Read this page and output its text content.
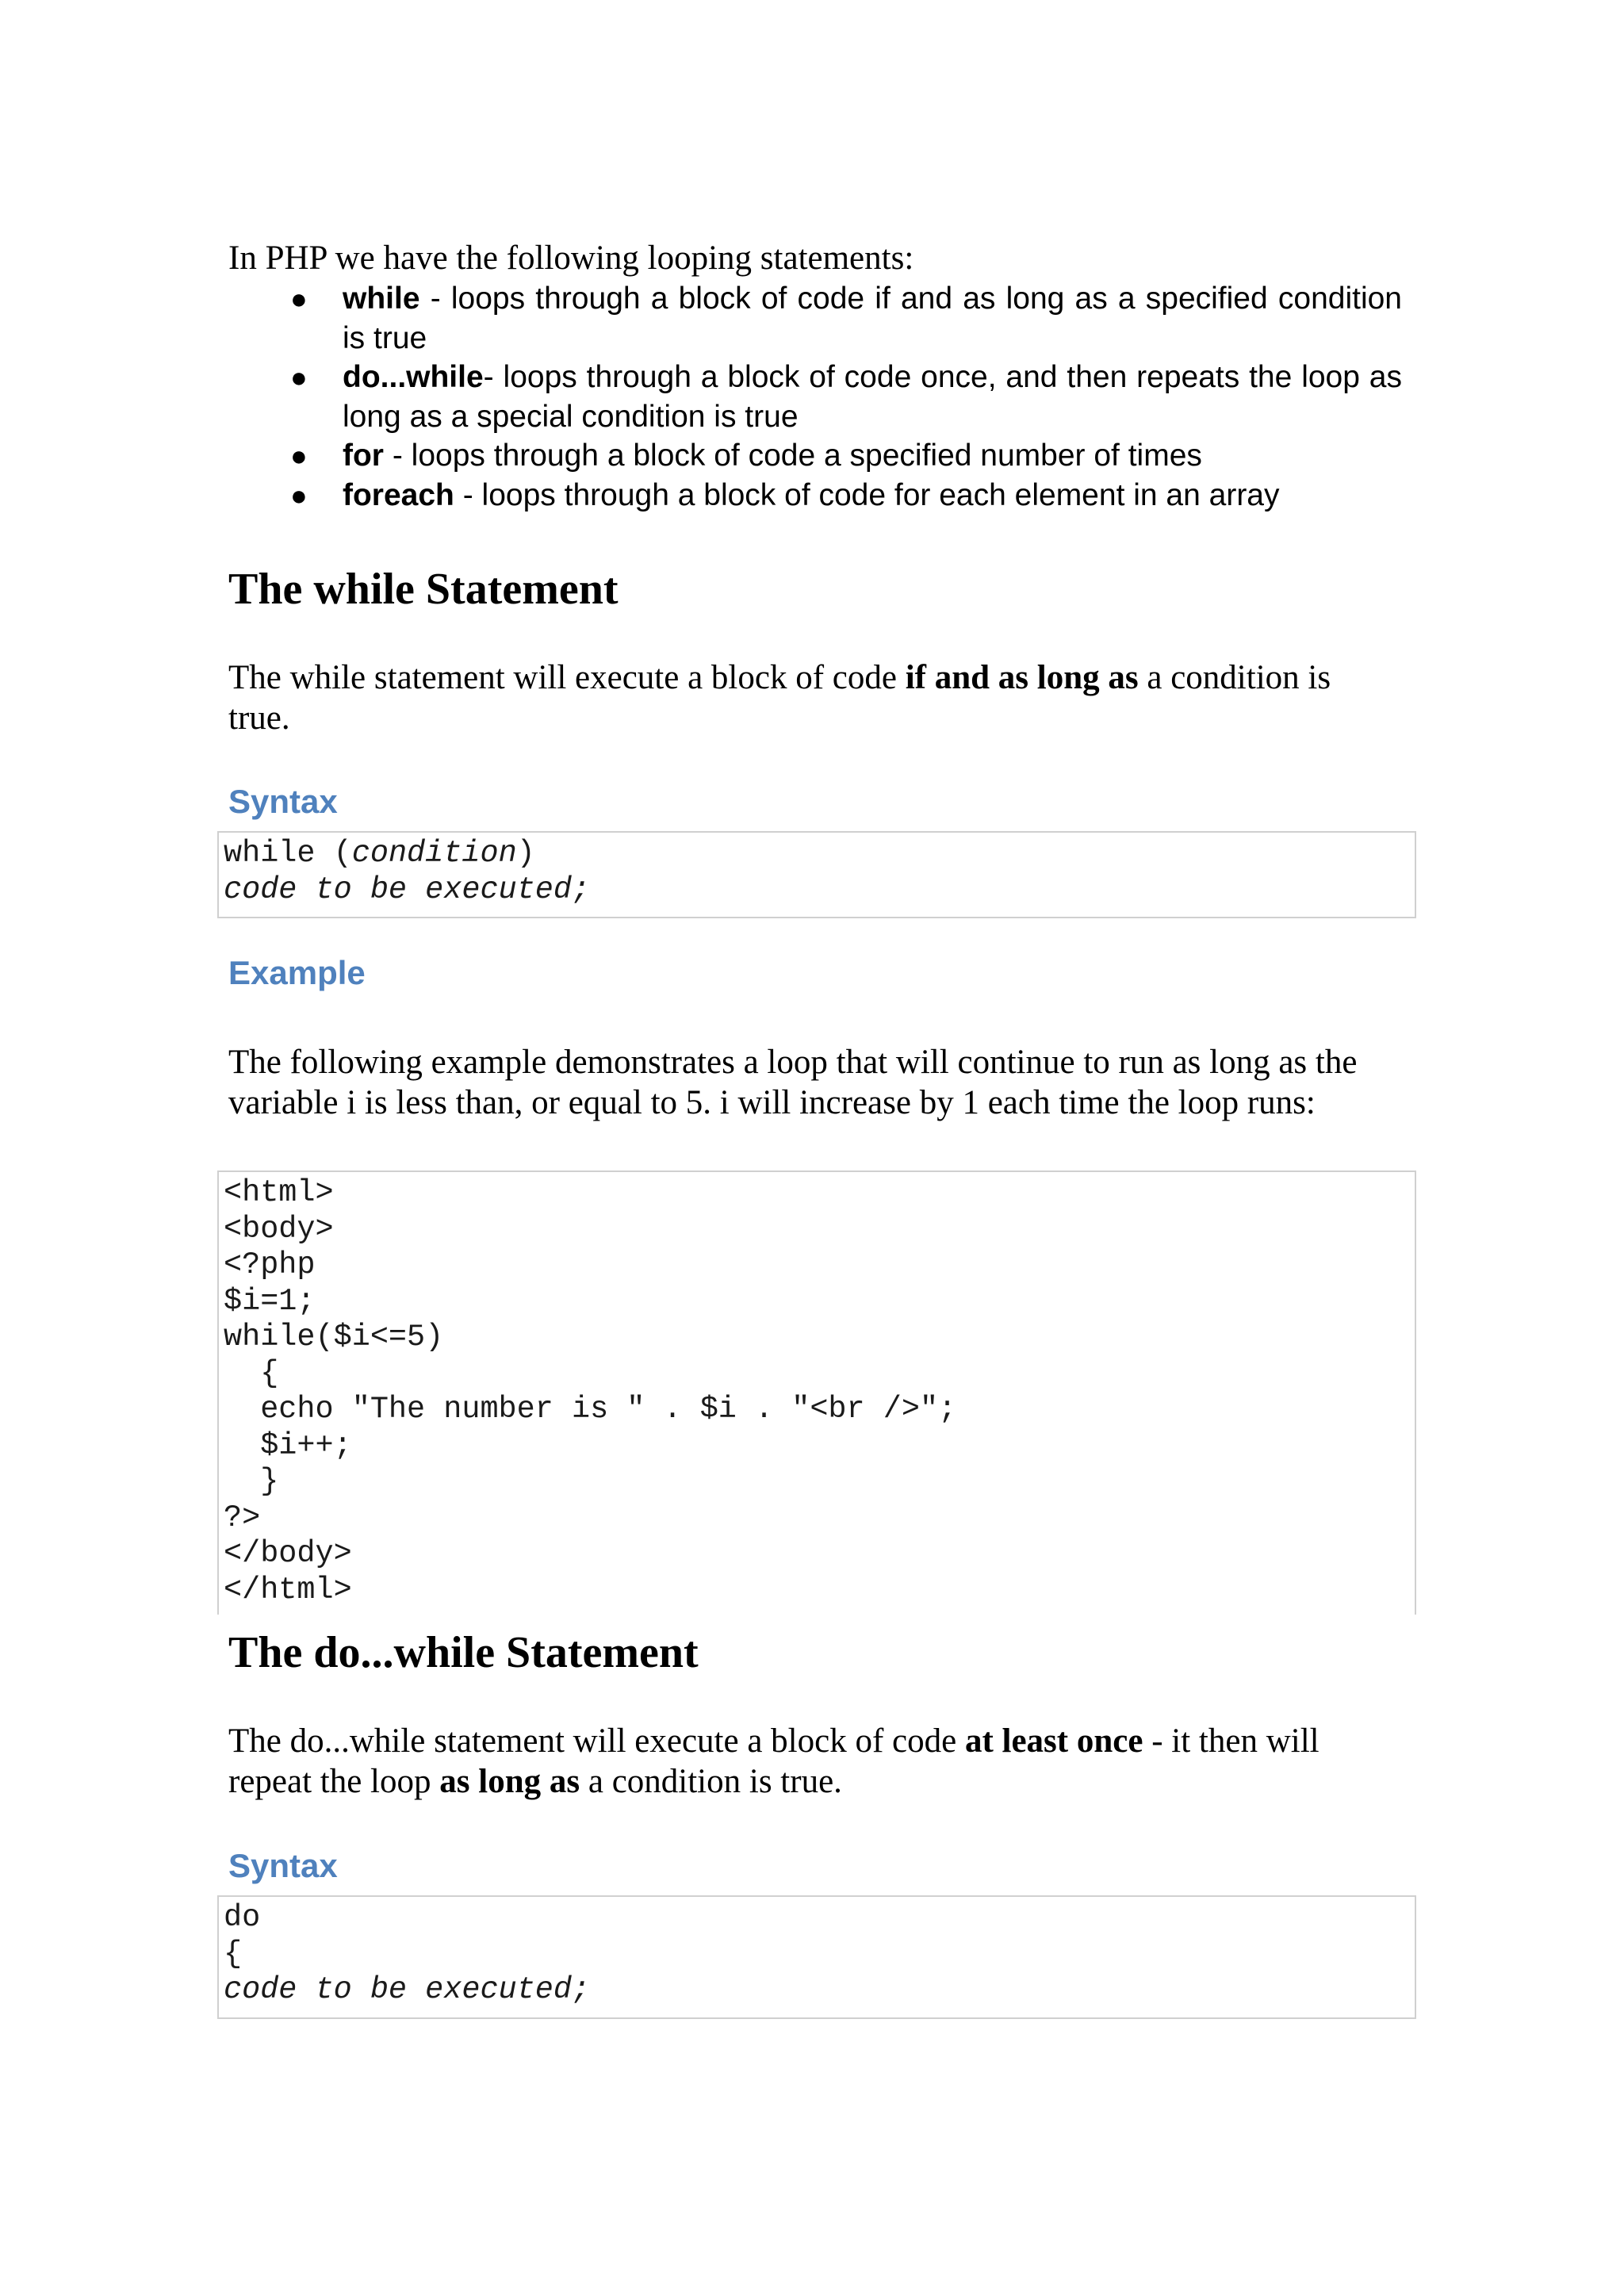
In PHP we have the following looping statements:

● while - loops through a block of code if and as long as a specified condition is true
● do...while- loops through a block of code once, and then repeats the loop as long as a special condition is true
● for - loops through a block of code a specified number of times
● foreach - loops through a block of code for each element in an array
The while Statement

The while statement will execute a block of code if and as long as a condition is true.

Syntax
while (condition)
code to be executed;
Example

The following example demonstrates a loop that will continue to run as long as the variable i is less than, or equal to 5. i will increase by 1 each time the loop runs:

<html>
<body>
<?php
$i=1;
while($i<=5)
{
echo "The number is " . $i . "<br />";
$i++;
}
?>
</body>
</html>
The do...while Statement

The do...while statement will execute a block of code at least once - it then will repeat the loop as long as a condition is true.

Syntax
do
{
code to be executed;
